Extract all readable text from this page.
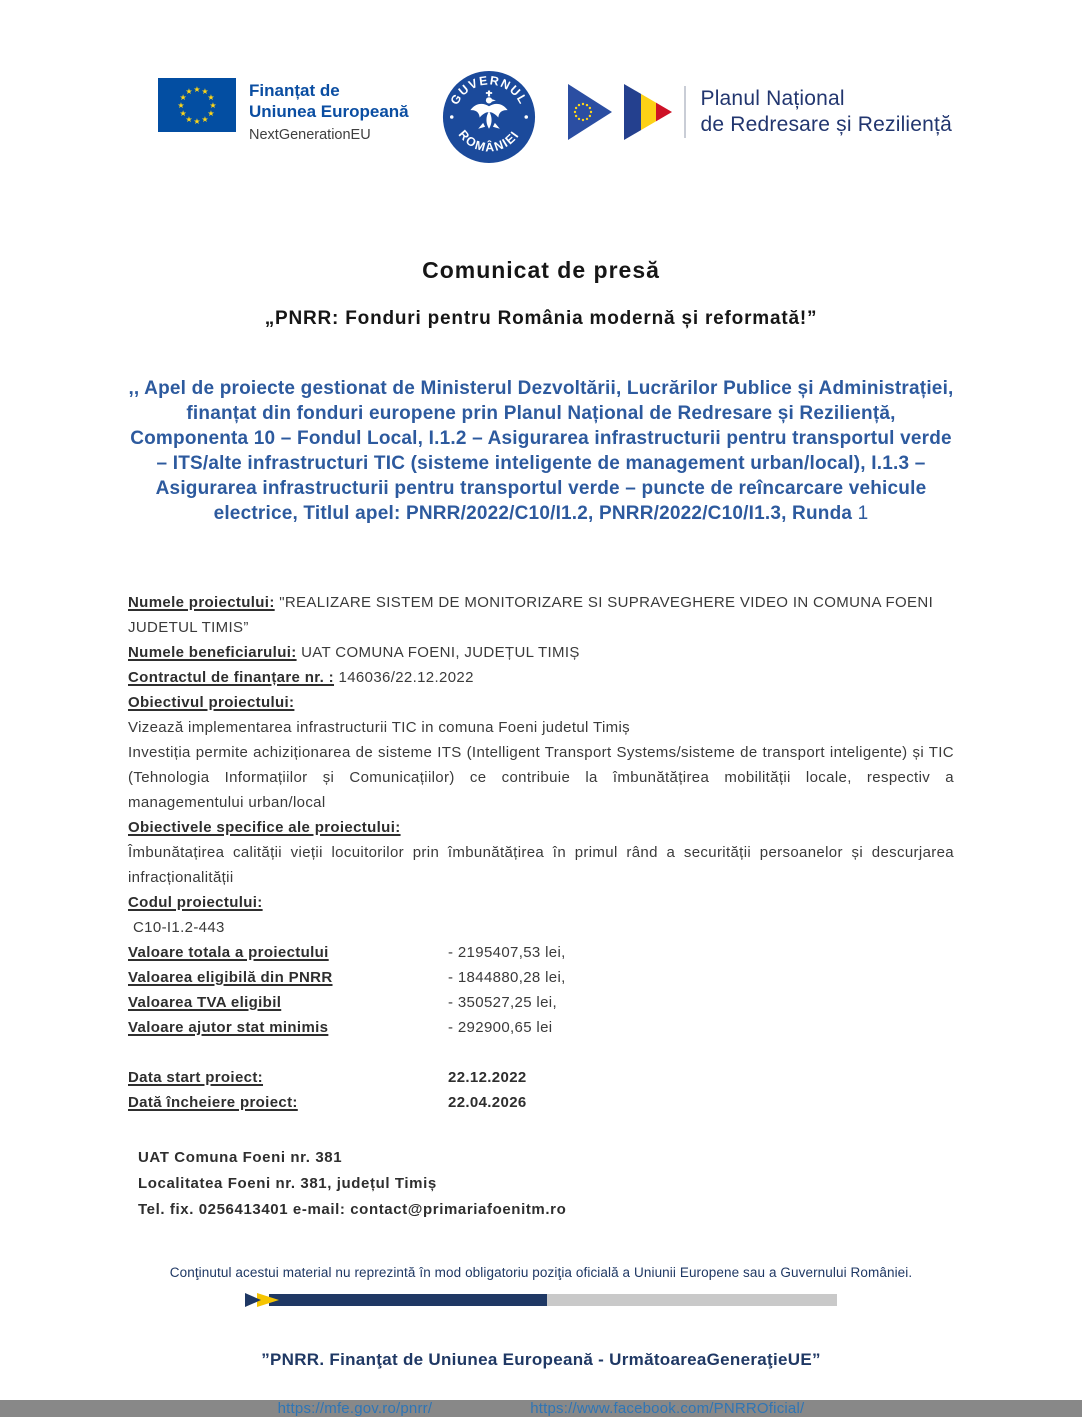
★ ★
★
★
★
★
★
★
★
★
★
★	Finanțat de
Uniunea Europeană
NextGenerationEU
GUVERNUL
ROMÂNIEI
Planul Național
de Redresare și Reziliență
Comunicat de presă
„PNRR: Fonduri pentru România modernă și reformată!”

,, Apel de proiecte gestionat de Ministerul Dezvoltării, Lucrărilor Publice și Administrației, finanțat din fonduri europene prin Planul Național de Redresare și Reziliență, Componenta 10 – Fondul Local, I.1.2 – Asigurarea infrastructurii pentru transportul verde – ITS/alte infrastructuri TIC (sisteme inteligente de management urban/local), I.1.3 – Asigurarea infrastructurii pentru transportul verde – puncte de reîncarcare vehicule electrice, Titlul apel: PNRR/2022/C10/I1.2, PNRR/2022/C10/I1.3, Runda 1

Numele proiectului: "REALIZARE SISTEM DE MONITORIZARE SI SUPRAVEGHERE VIDEO IN COMUNA FOENI JUDETUL TIMIS”

Numele beneficiarului: UAT COMUNA FOENI, JUDEȚUL TIMIȘ

Contractul de finanțare nr. : 146036/22.12.2022

Obiectivul proiectului:

Vizează implementarea infrastructurii TIC in comuna Foeni judetul Timiș

Investiția permite achiziționarea de sisteme ITS (Intelligent Transport Systems/sisteme de transport inteligente) și TIC (Tehnologia Informațiilor și Comunicațiilor) ce contribuie la îmbunătățirea mobilității locale, respectiv a managementului urban/local

Obiectivele specifice ale proiectului:

Îmbunătațirea calității vieții locuitorilor prin îmbunătățirea în primul rând a securității persoanelor și descurjarea infracționalității

Codul proiectului:

C10-I1.2-443

Valoare totala a proiectului	- 2195407,53 lei,
Valoarea eligibilă din PNRR	- 1844880,28 lei,
Valoarea TVA eligibil	- 350527,25 lei,
Valoare ajutor stat minimis	- 292900,65 lei
Data start proiect:	22.12.2022
Dată încheiere proiect:	22.04.2026
UAT Comuna Foeni nr. 381
Localitatea Foeni nr. 381, județul Timiș
Tel. fix. 0256413401 e-mail: contact@primariafoenitm.ro

Conţinutul acestui material nu reprezintă în mod obligatoriu poziţia oficială a Uniunii Europene sau a Guvernului României.

”PNRR. Finanţat de Uniunea Europeană - UrmătoareaGeneraţieUE”

https://mfe.gov.ro/pnrr/	https://www.facebook.com/PNRROficial/
